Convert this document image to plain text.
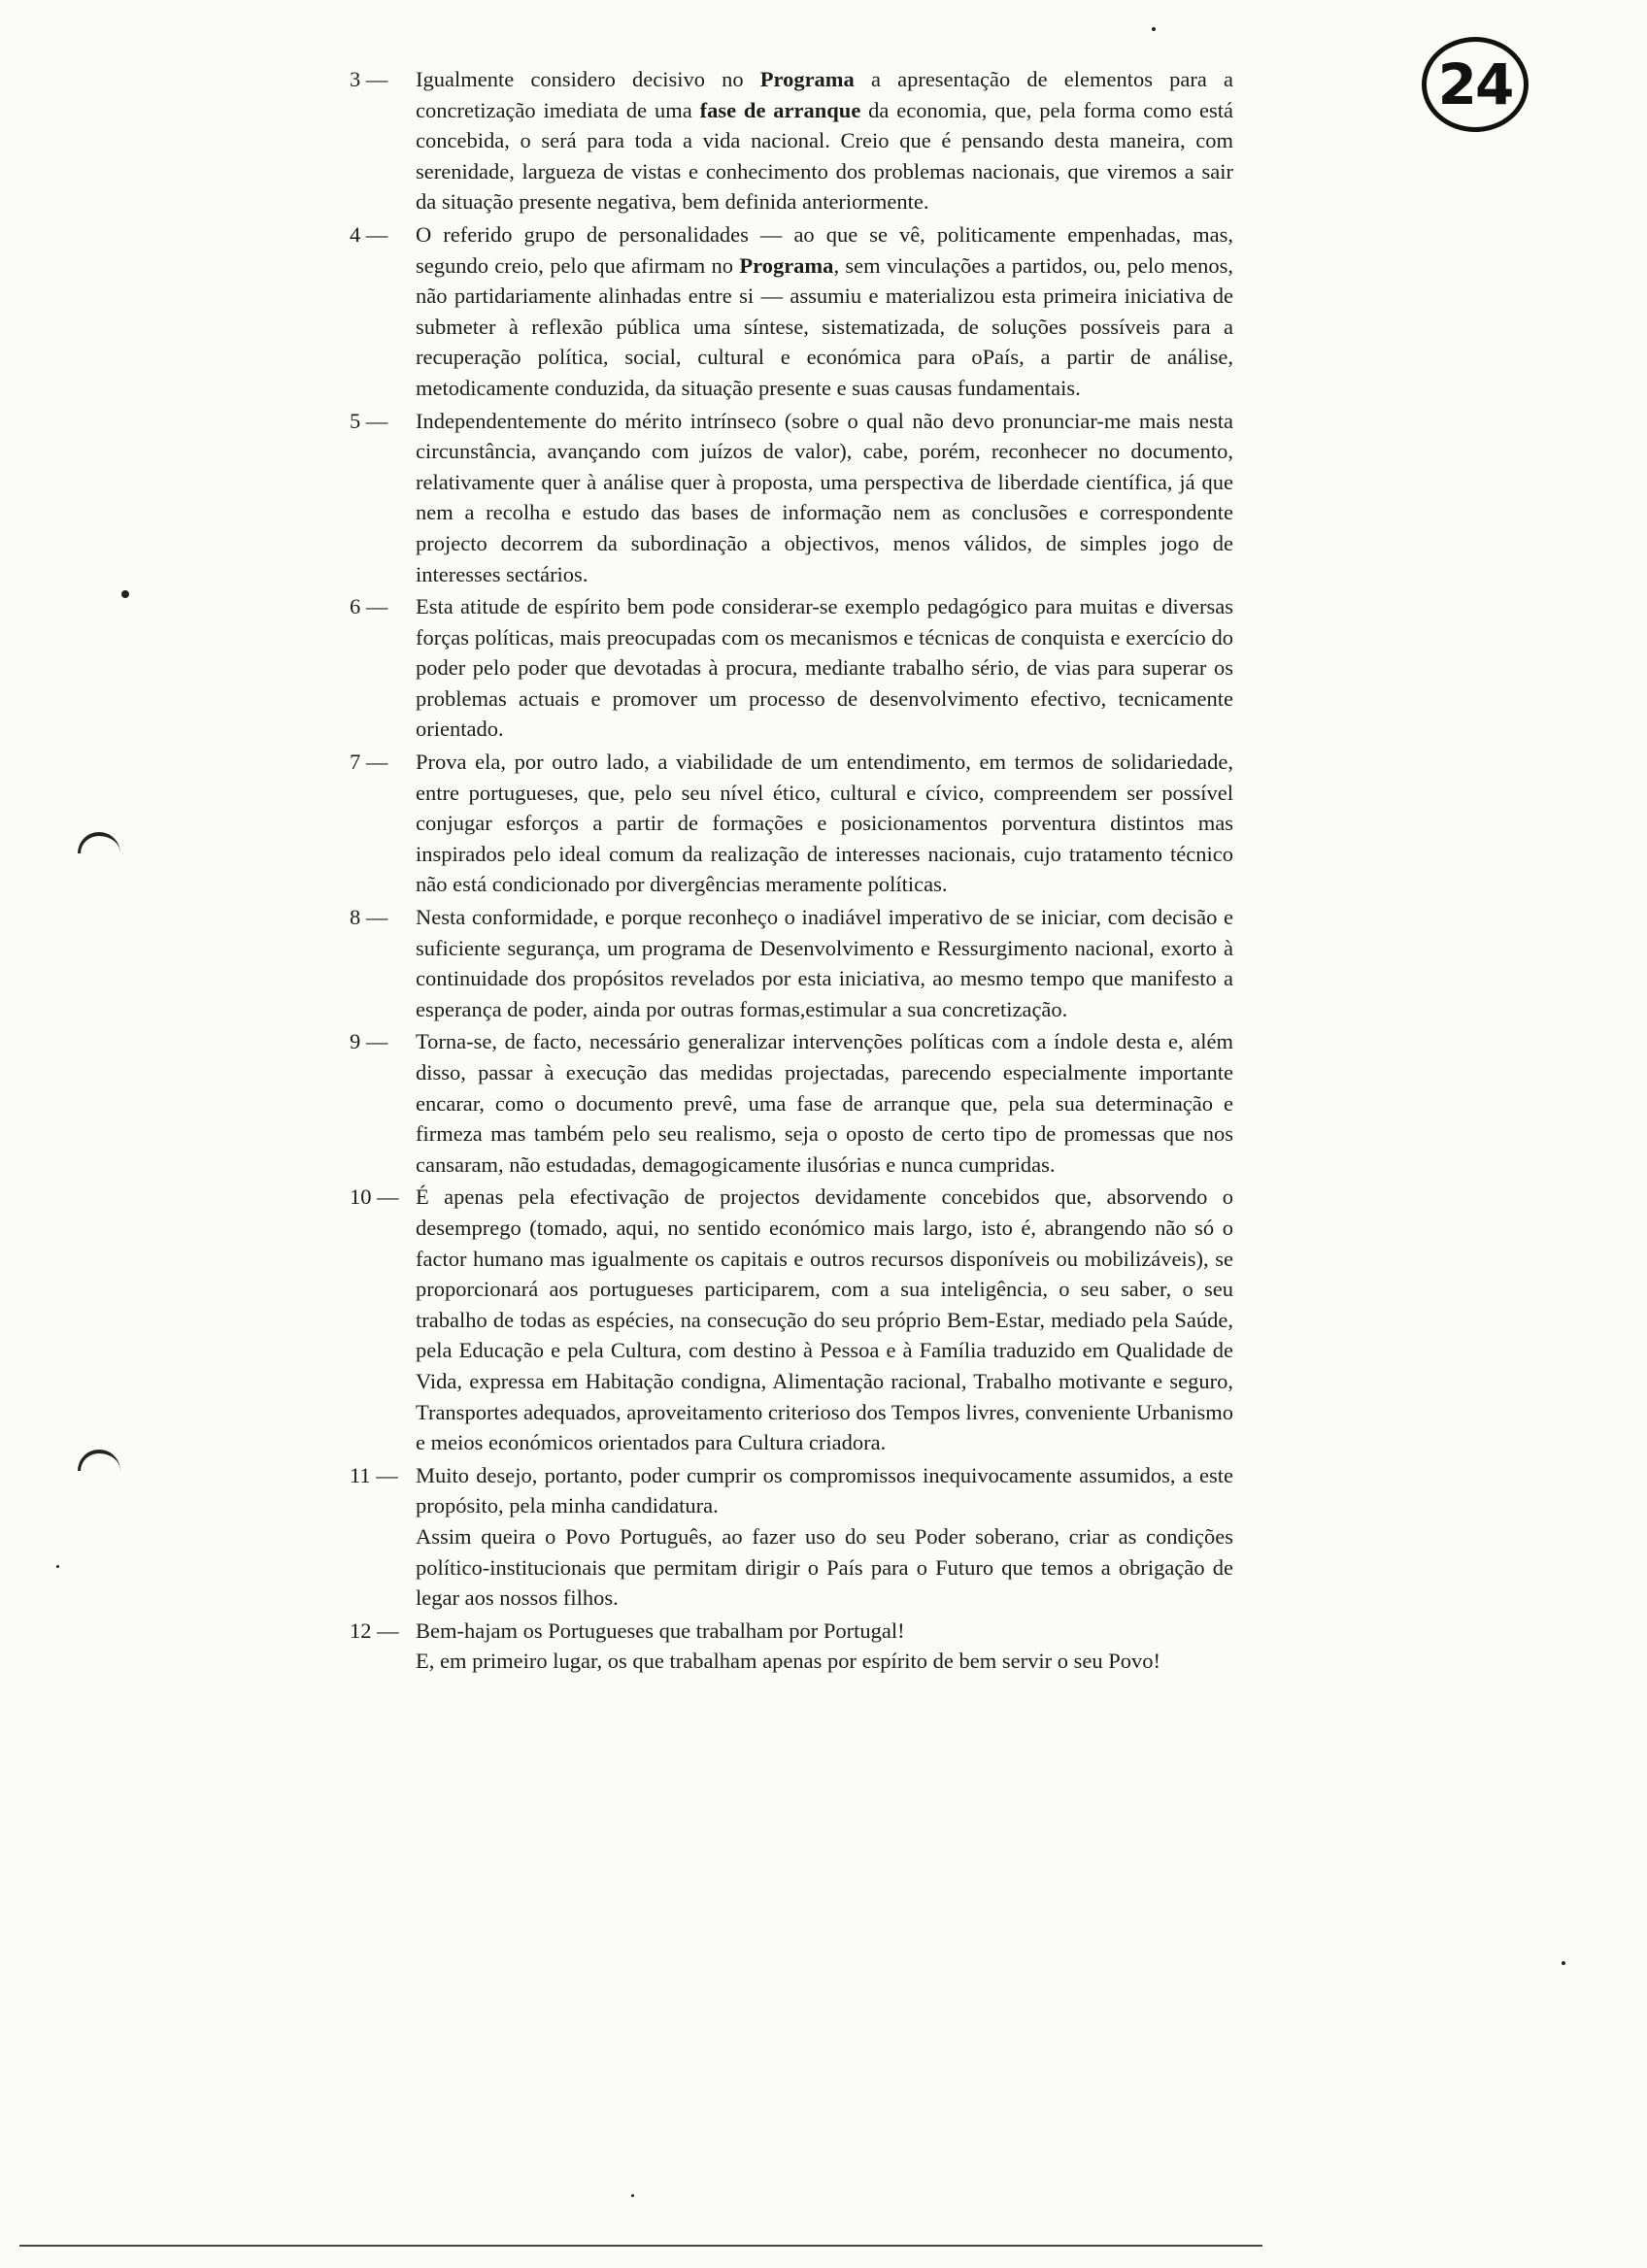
24
3 —	Igualmente considero decisivo no Programa a apresentação de elementos para a concretização imediata de uma fase de arranque da economia, que, pela forma como está concebida, o será para toda a vida nacional. Creio que é pensando desta maneira, com serenidade, largueza de vistas e conhecimento dos problemas nacionais, que viremos a sair da situação presente negativa, bem definida anteriormente.

4 —	O referido grupo de personalidades — ao que se vê, politicamente empenhadas, mas, segundo creio, pelo que afirmam no Programa, sem vinculações a partidos, ou, pelo menos, não partidariamente alinhadas entre si — assumiu e materializou esta primeira iniciativa de submeter à reflexão pública uma síntese, sistematizada, de soluções possíveis para a recuperação política, social, cultural e económica para oPaís, a partir de análise, metodicamente conduzida, da situação presente e suas causas fundamentais.

5 —	Independentemente do mérito intrínseco (sobre o qual não devo pronunciar-me mais nesta circunstância, avançando com juízos de valor), cabe, porém, reconhecer no documento, relativamente quer à análise quer à proposta, uma perspectiva de liberdade científica, já que nem a recolha e estudo das bases de informação nem as conclusões e correspondente projecto decorrem da subordinação a objectivos, menos válidos, de simples jogo de interesses sectários.

6 —	Esta atitude de espírito bem pode considerar-se exemplo pedagógico para muitas e diversas forças políticas, mais preocupadas com os mecanismos e técnicas de conquista e exercício do poder pelo poder que devotadas à procura, mediante trabalho sério, de vias para superar os problemas actuais e promover um processo de desenvolvimento efectivo, tecnicamente orientado.

7 —	Prova ela, por outro lado, a viabilidade de um entendimento, em termos de solidariedade, entre portugueses, que, pelo seu nível ético, cultural e cívico, compreendem ser possível conjugar esforços a partir de formações e posicionamentos porventura distintos mas inspirados pelo ideal comum da realização de interesses nacionais, cujo tratamento técnico não está condicionado por divergências meramente políticas.

8 —	Nesta conformidade, e porque reconheço o inadiável imperativo de se iniciar, com decisão e suficiente segurança, um programa de Desenvolvimento e Ressurgimento nacional, exorto à continuidade dos propósitos revelados por esta iniciativa, ao mesmo tempo que manifesto a esperança de poder, ainda por outras formas,estimular a sua concretização.

9 —	Torna-se, de facto, necessário generalizar intervenções políticas com a índole desta e, além disso, passar à execução das medidas projectadas, parecendo especialmente importante encarar, como o documento prevê, uma fase de arranque que, pela sua determinação e firmeza mas também pelo seu realismo, seja o oposto de certo tipo de promessas que nos cansaram, não estudadas, demagogicamente ilusórias e nunca cumpridas.

10 — É apenas pela efectivação de projectos devidamente concebidos que, absorvendo o desemprego (tomado, aqui, no sentido económico mais largo, isto é, abrangendo não só o factor humano mas igualmente os capitais e outros recursos disponíveis ou mobilizáveis), se proporcionará aos portugueses participarem, com a sua inteligência, o seu saber, o seu trabalho de todas as espécies, na consecução do seu próprio Bem-Estar, mediado pela Saúde, pela Educação e pela Cultura, com destino à Pessoa e à Família traduzido em Qualidade de Vida, expressa em Habitação condigna, Alimentação racional, Trabalho motivante e seguro, Transportes adequados, aproveitamento criterioso dos Tempos livres, conveniente Urbanismo e meios económicos orientados para Cultura criadora.

11 — Muito desejo, portanto, poder cumprir os compromissos inequivocamente assumidos, a este propósito, pela minha candidatura.

Assim queira o Povo Português, ao fazer uso do seu Poder soberano, criar as condições político-institucionais que permitam dirigir o País para o Futuro que temos a obrigação de legar aos nossos filhos.

12 — Bem-hajam os Portugueses que trabalham por Portugal!

E, em primeiro lugar, os que trabalham apenas por espírito de bem servir o seu Povo!
